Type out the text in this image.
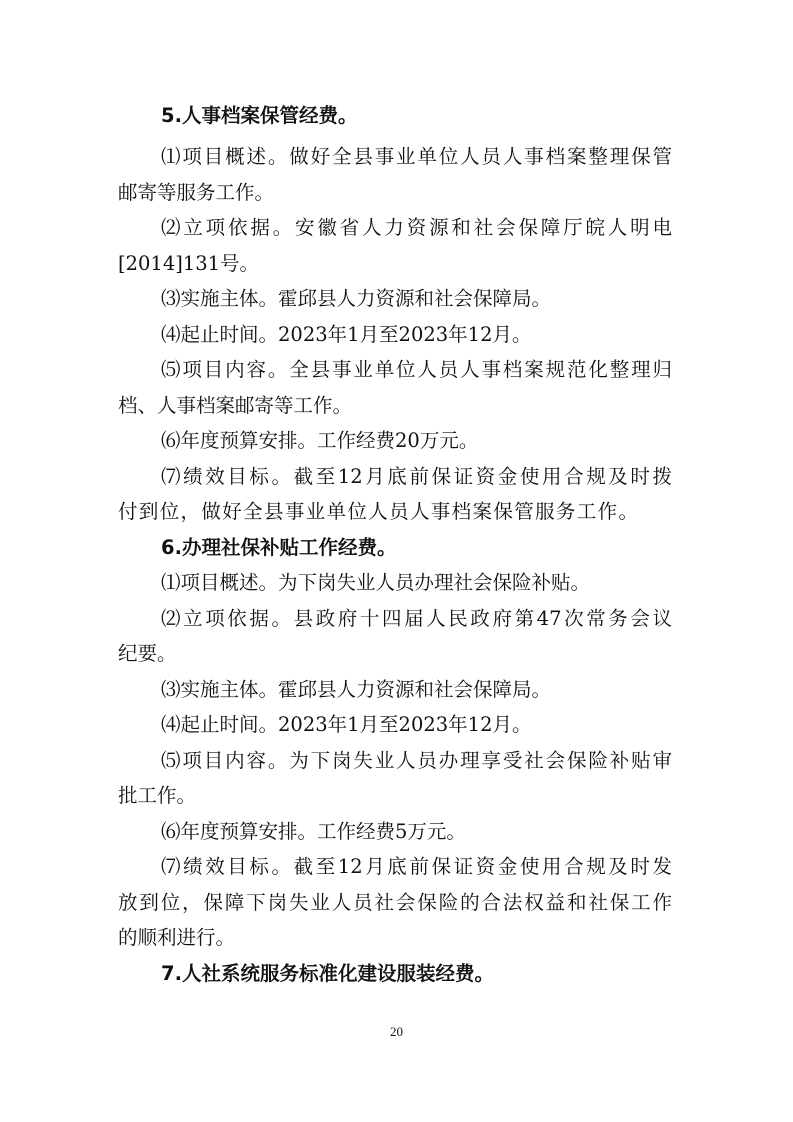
5.人事档案保管经费。

⑴项目概述。做好全县事业单位人员人事档案整理保管

邮寄等服务工作。

⑵立项依据。安徽省人力资源和社会保障厅皖人明电

[2014]131号。

⑶实施主体。霍邱县人力资源和社会保障局。

⑷起止时间。2023年1月至2023年12月。

⑸项目内容。全县事业单位人员人事档案规范化整理归

档、人事档案邮寄等工作。

⑹年度预算安排。工作经费20万元。

⑺绩效目标。截至12月底前保证资金使用合规及时拨

付到位，做好全县事业单位人员人事档案保管服务工作。

6.办理社保补贴工作经费。

⑴项目概述。为下岗失业人员办理社会保险补贴。

⑵立项依据。县政府十四届人民政府第47次常务会议

纪要。

⑶实施主体。霍邱县人力资源和社会保障局。

⑷起止时间。2023年1月至2023年12月。

⑸项目内容。为下岗失业人员办理享受社会保险补贴审

批工作。

⑹年度预算安排。工作经费5万元。

⑺绩效目标。截至12月底前保证资金使用合规及时发

放到位，保障下岗失业人员社会保险的合法权益和社保工作

的顺利进行。

7.人社系统服务标准化建设服装经费。

20
